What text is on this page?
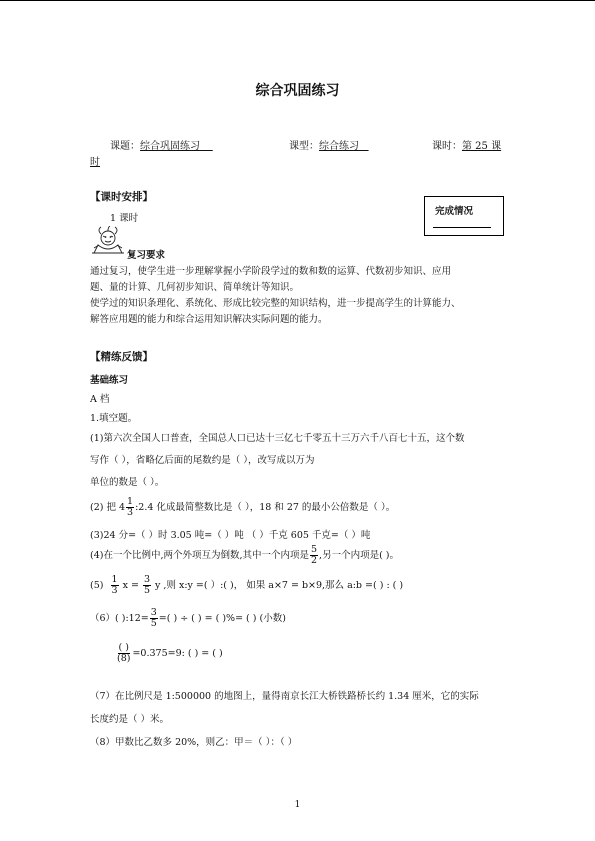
综合巩固练习
课题：综合巩固练习	课型：综合练习	课时：第 25 课
时
【课时安排】
1 课时
完成情况
复习要求
通过复习，使学生进一步理解掌握小学阶段学过的数和数的运算、代数初步知识、应用
题、量的计算、几何初步知识、简单统计等知识。
使学过的知识条理化、系统化、形成比较完整的知识结构，进一步提高学生的计算能力、
解答应用题的能力和综合运用知识解决实际问题的能力。
【精练反馈】
基础练习
A 档
1.填空题。
(1)第六次全国人口普查，全国总人口已达十三亿七千零五十三万六千八百七十五，这个数
写作（ ），省略亿后面的尾数约是（ ），改写成以万为
单位的数是（ ）。
(2) 把 $4 \frac{1}{3}$ :2.4 化成最简整数比是（ ），18 和 27 的最小公倍数是（ ）。
(3)24 分=（ ）时 3.05 吨=（ ）吨 （ ）千克 605 千克=（ ）吨
(4)在一个比例中,两个外项互为倒数,其中一个内项是 $\frac{5}{2}$ ,另一个内项是( )。
$(5) \frac{1}{3}$ $x = \frac{3}{5}$ y ,则 x:y =( ）:( )， 如果 a×7 = b×9,那么 a:b =( ) : ( )
（6）( ):12= $\frac{3}{5}$ =( ) ÷ ( ) = ( )%= ( ) (小数)
$\frac{( )}{(8)} =0.375=9$: ( ) = ( )
（7）在比例尺是 1:500000 的地图上，量得南京长江大桥铁路桥长约 1.34 厘米，它的实际
长度约是（ ）米。
（8）甲数比乙数多 20%，则乙：甲＝（ ）：（ ）
1
